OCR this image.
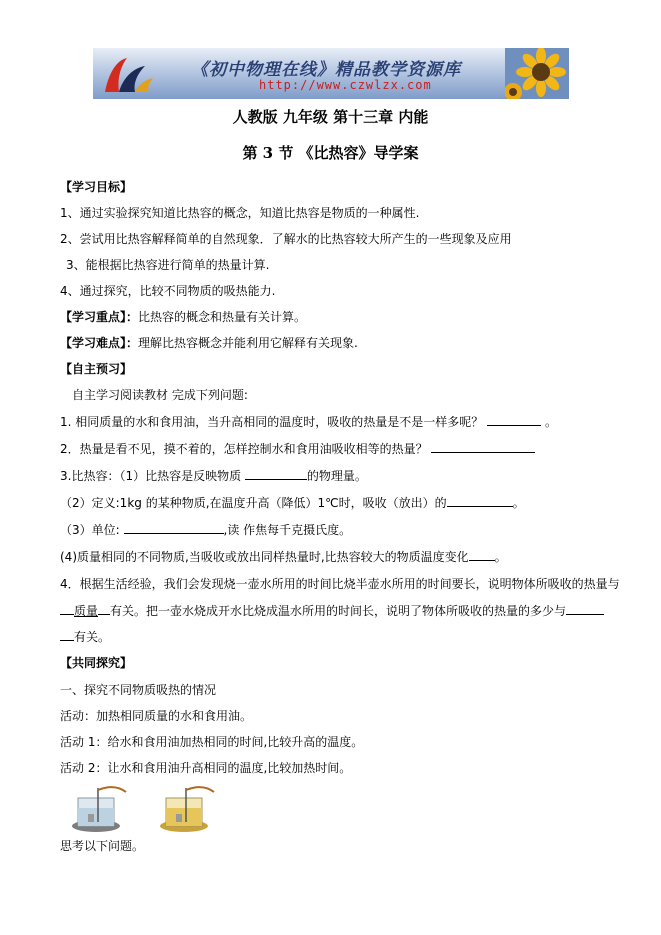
《初中物理在线》精品教学资源库
http://www.czwlzx.com
人教版 九年级 第十三章 内能
第 3 节 《比热容》导学案
【学习目标】
1、通过实验探究知道比热容的概念，知道比热容是物质的一种属性.
2、尝试用比热容解释简单的自然现象．了解水的比热容较大所产生的一些现象及应用
3、能根据比热容进行简单的热量计算.
4、通过探究，比较不同物质的吸热能力.
【学习重点】：比热容的概念和热量有关计算。
【学习难点】：理解比热容概念并能利用它解释有关现象.
【自主预习】
自主学习阅读教材 完成下列问题:
1. 相同质量的水和食用油，当升高相同的温度时，吸收的热量是不是一样多呢？	。
2．热量是看不见，摸不着的，怎样控制水和食用油吸收相等的热量？
3.比热容：（1）比热容是反映物质	的物理量。
（2）定义:1kg 的某种物质,在温度升高（降低）1℃时，吸收（放出）的	。
（3）单位:	,读 作焦每千克摄氏度。
(4)质量相同的不同物质,当吸收或放出同样热量时,比热容较大的物质温度变化 。
4．根据生活经验，我们会发现烧一壶水所用的时间比烧半壶水所用的时间要长，说明物体所吸收的热量与
质量 有关。把一壶水烧成开水比烧成温水所用的时间长，说明了物体所吸收的热量的多少与
有关。
【共同探究】
一、探究不同物质吸热的情况
活动：加热相同质量的水和食用油。
活动 1：给水和食用油加热相同的时间,比较升高的温度。
活动 2：让水和食用油升高相同的温度,比较加热时间。
思考以下问题。
